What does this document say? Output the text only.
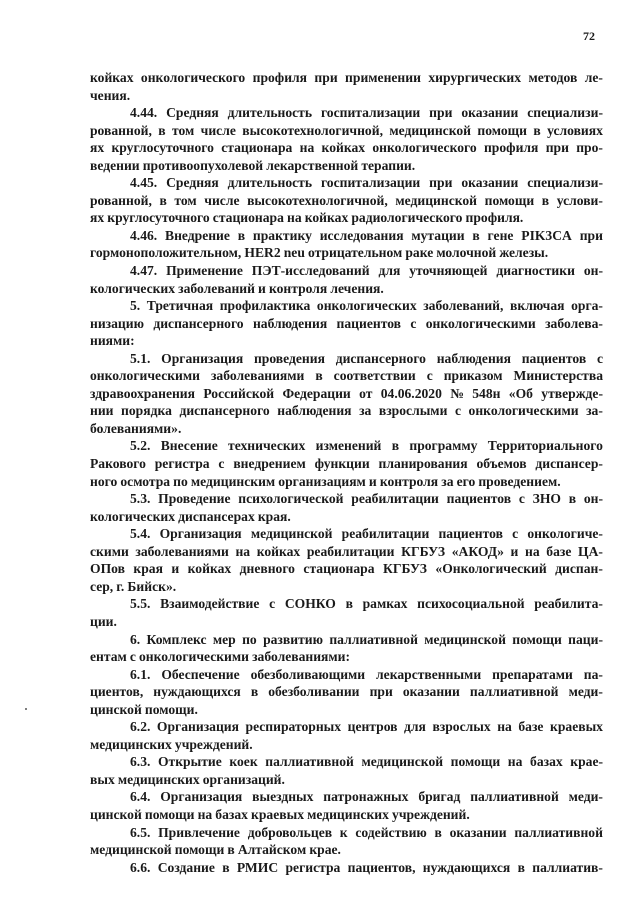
72
койках онкологического профиля при применении хирургических методов ле-
чения.
4.44. Средняя длительность госпитализации при оказании специализи-
рованной, в том числе высокотехнологичной, медицинской помощи в условиях
ях круглосуточного стационара на койках онкологического профиля при про-
ведении противоопухолевой лекарственной терапии.
4.45. Средняя длительность госпитализации при оказании специализи-
рованной, в том числе высокотехнологичной, медицинской помощи в услови-
ях круглосуточного стационара на койках радиологического профиля.
4.46. Внедрение в практику исследования мутации в гене PIK3CA при
гормоноположительном, HER2 neu отрицательном раке молочной железы.
4.47. Применение ПЭТ-исследований для уточняющей диагностики он-
кологических заболеваний и контроля лечения.
5. Третичная профилактика онкологических заболеваний, включая орга-
низацию диспансерного наблюдения пациентов с онкологическими заболева-
ниями:
5.1. Организация проведения диспансерного наблюдения пациентов с
онкологическими заболеваниями в соответствии с приказом Министерства
здравоохранения Российской Федерации от 04.06.2020 № 548н «Об утвержде-
нии порядка диспансерного наблюдения за взрослыми с онкологическими за-
болеваниями».
5.2. Внесение технических изменений в программу Территориального
Ракового регистра с внедрением функции планирования объемов диспансер-
ного осмотра по медицинским организациям и контроля за его проведением.
5.3. Проведение психологической реабилитации пациентов с ЗНО в он-
кологических диспансерах края.
5.4. Организация медицинской реабилитации пациентов с онкологиче-
скими заболеваниями на койках реабилитации КГБУЗ «АКОД» и на базе ЦА-
ОПов края и койках дневного стационара КГБУЗ «Онкологический диспан-
сер, г. Бийск».
5.5. Взаимодействие с СОНКО в рамках психосоциальной реабилита-
ции.
6. Комплекс мер по развитию паллиативной медицинской помощи паци-
ентам с онкологическими заболеваниями:
6.1. Обеспечение обезболивающими лекарственными препаратами па-
циентов, нуждающихся в обезболивании при оказании паллиативной меди-
цинской помощи.
6.2. Организация респираторных центров для взрослых на базе краевых
медицинских учреждений.
6.3. Открытие коек паллиативной медицинской помощи на базах крае-
вых медицинских организаций.
6.4. Организация выездных патронажных бригад паллиативной меди-
цинской помощи на базах краевых медицинских учреждений.
6.5. Привлечение добровольцев к содействию в оказании паллиативной
медицинской помощи в Алтайском крае.
6.6. Создание в РМИС регистра пациентов, нуждающихся в паллиатив-
